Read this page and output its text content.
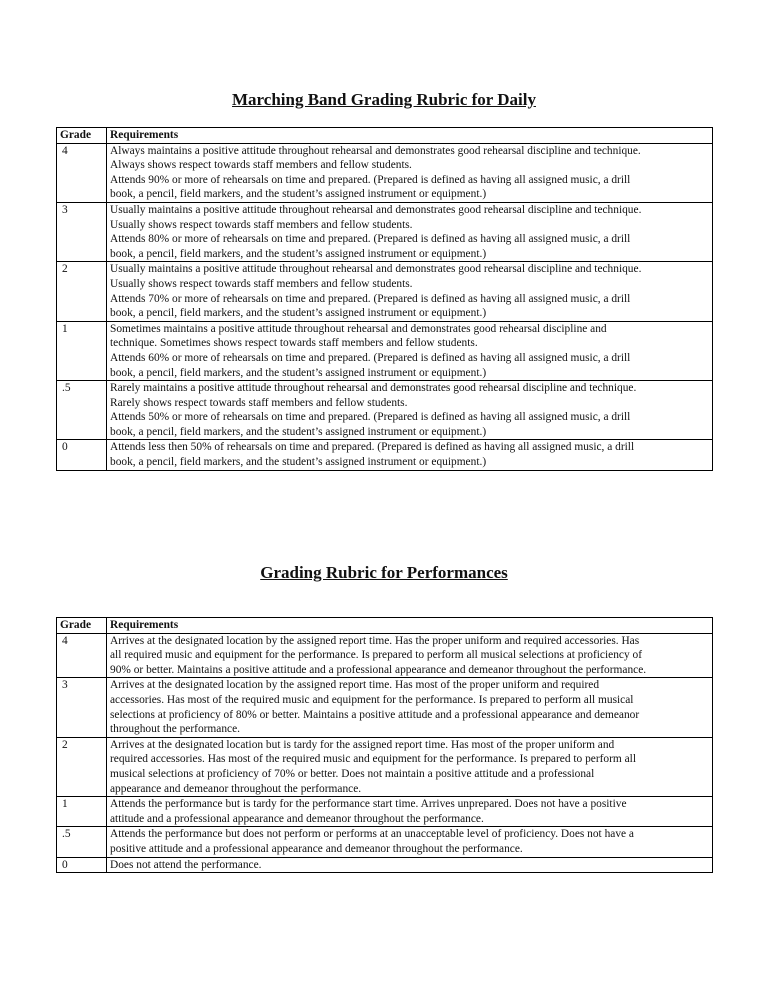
Marching Band Grading Rubric for Daily
Grade	Requirements
4	Always maintains a positive attitude throughout rehearsal and demonstrates good rehearsal discipline and technique.
Always shows respect towards staff members and fellow students.
Attends 90% or more of rehearsals on time and prepared. (Prepared is defined as having all assigned music, a drill
book, a pencil, field markers, and the student’s assigned instrument or equipment.)

3	Usually maintains a positive attitude throughout rehearsal and demonstrates good rehearsal discipline and technique.
Usually shows respect towards staff members and fellow students.
Attends 80% or more of rehearsals on time and prepared. (Prepared is defined as having all assigned music, a drill
book, a pencil, field markers, and the student’s assigned instrument or equipment.)

2	Usually maintains a positive attitude throughout rehearsal and demonstrates good rehearsal discipline and technique.
Usually shows respect towards staff members and fellow students.
Attends 70% or more of rehearsals on time and prepared. (Prepared is defined as having all assigned music, a drill
book, a pencil, field markers, and the student’s assigned instrument or equipment.)

1	Sometimes maintains a positive attitude throughout rehearsal and demonstrates good rehearsal discipline and
technique. Sometimes shows respect towards staff members and fellow students.
Attends 60% or more of rehearsals on time and prepared. (Prepared is defined as having all assigned music, a drill
book, a pencil, field markers, and the student’s assigned instrument or equipment.)

.5	Rarely maintains a positive attitude throughout rehearsal and demonstrates good rehearsal discipline and technique.
Rarely shows respect towards staff members and fellow students.
Attends 50% or more of rehearsals on time and prepared. (Prepared is defined as having all assigned music, a drill
book, a pencil, field markers, and the student’s assigned instrument or equipment.)

0	Attends less then 50% of rehearsals on time and prepared. (Prepared is defined as having all assigned music, a drill
book, a pencil, field markers, and the student’s assigned instrument or equipment.)
Grading Rubric for Performances
Grade	Requirements
4	Arrives at the designated location by the assigned report time. Has the proper uniform and required accessories. Has
all required music and equipment for the performance. Is prepared to perform all musical selections at proficiency of
90% or better. Maintains a positive attitude and a professional appearance and demeanor throughout the performance.

3	Arrives at the designated location by the assigned report time. Has most of the proper uniform and required
accessories. Has most of the required music and equipment for the performance. Is prepared to perform all musical
selections at proficiency of 80% or better. Maintains a positive attitude and a professional appearance and demeanor
throughout the performance.

2	Arrives at the designated location but is tardy for the assigned report time. Has most of the proper uniform and
required accessories. Has most of the required music and equipment for the performance. Is prepared to perform all
musical selections at proficiency of 70% or better. Does not maintain a positive attitude and a professional
appearance and demeanor throughout the performance.

1	Attends the performance but is tardy for the performance start time. Arrives unprepared. Does not have a positive
attitude and a professional appearance and demeanor throughout the performance.

.5	Attends the performance but does not perform or performs at an unacceptable level of proficiency. Does not have a
positive attitude and a professional appearance and demeanor throughout the performance.

0	Does not attend the performance.
